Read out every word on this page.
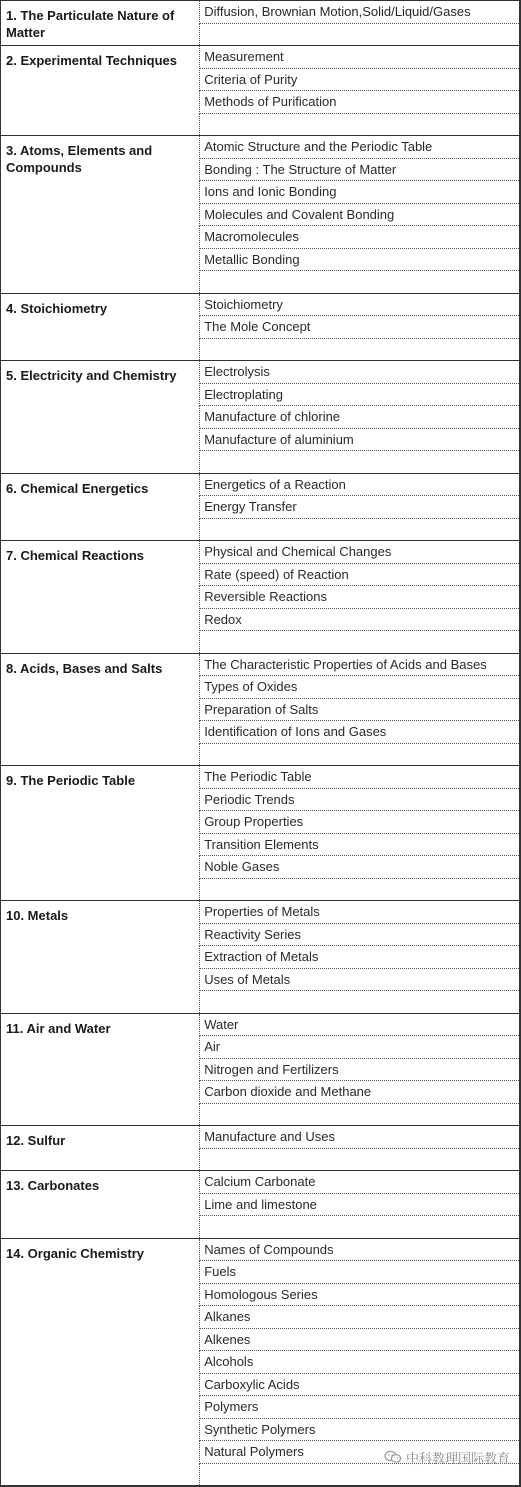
1. The Particulate Nature of Matter	Diffusion, Brownian Motion,Solid/Liquid/Gases

2. Experimental Techniques	Measurement
	Criteria of Purity
	Methods of Purification

3. Atoms, Elements and Compounds	Atomic Structure and the Periodic Table
	Bonding : The Structure of Matter
	Ions and Ionic Bonding
	Molecules and Covalent Bonding
	Macromolecules
	Metallic Bonding

4. Stoichiometry	Stoichiometry
	The Mole Concept

5. Electricity and Chemistry	Electrolysis
	Electroplating
	Manufacture of chlorine
	Manufacture of aluminium

6. Chemical Energetics	Energetics of a Reaction
	Energy Transfer

7. Chemical Reactions	Physical and Chemical Changes
	Rate (speed) of Reaction
	Reversible Reactions
	Redox

8. Acids, Bases and Salts	The Characteristic Properties of Acids and Bases
	Types of Oxides
	Preparation of Salts
	Identification of Ions and Gases

9. The Periodic Table	The Periodic Table
	Periodic Trends
	Group Properties
	Transition Elements
	Noble Gases

10. Metals	Properties of Metals
	Reactivity Series
	Extraction of Metals
	Uses of Metals

11. Air and Water	Water
	Air
	Nitrogen and Fertilizers
	Carbon dioxide and Methane

12. Sulfur	Manufacture and Uses

13. Carbonates	Calcium Carbonate
	Lime and limestone

14. Organic Chemistry	Names of Compounds
	Fuels
	Homologous Series
	Alkanes
	Alkenes
	Alcohols
	Carboxylic Acids
	Polymers
	Synthetic Polymers
	Natural Polymers	中科教理国际教育
